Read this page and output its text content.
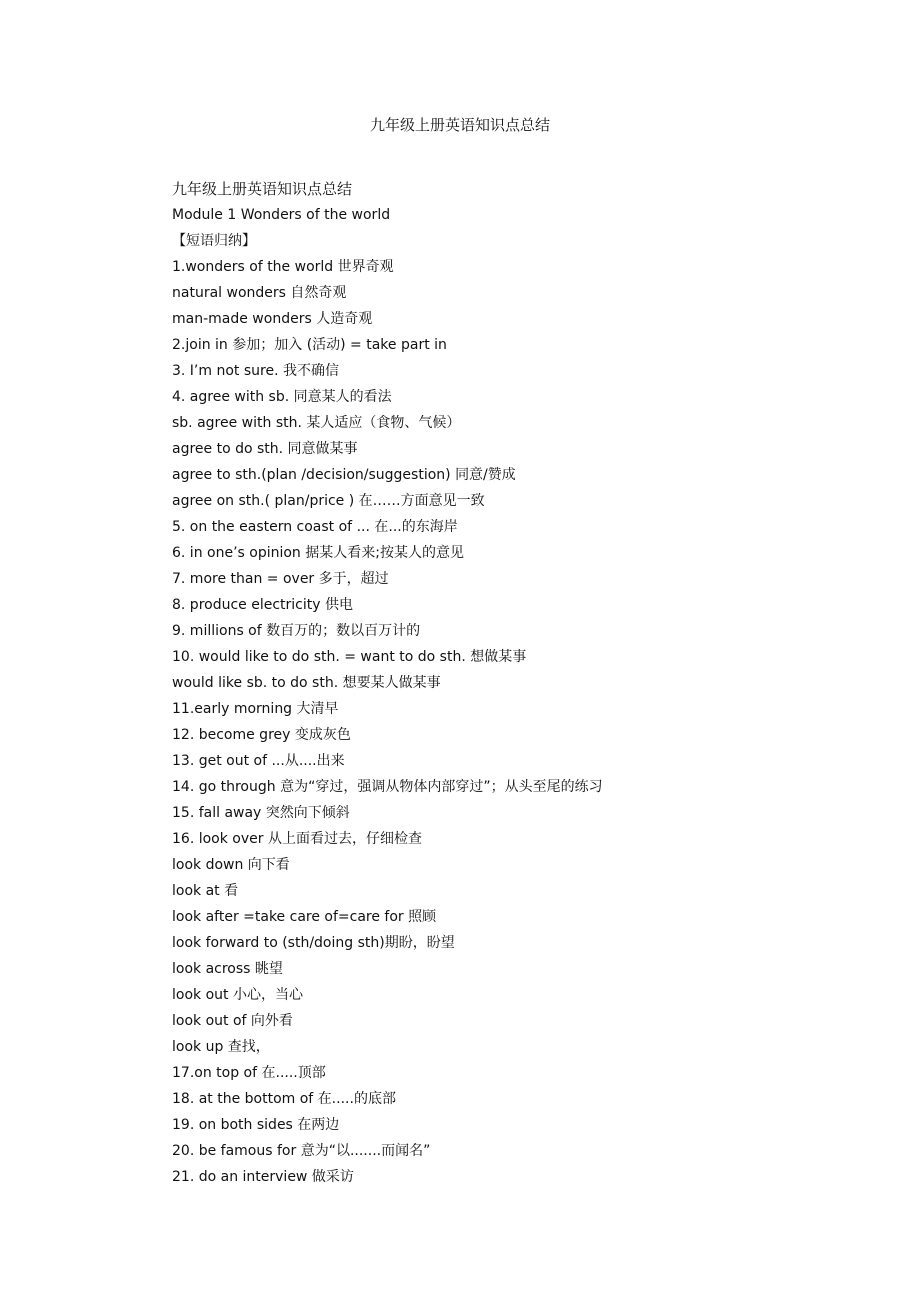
九年级上册英语知识点总结
九年级上册英语知识点总结
Module 1 Wonders of the world
【短语归纳】
1.wonders of the world 世界奇观
natural wonders 自然奇观
man-made wonders 人造奇观
2.join in 参加；加入 (活动) = take part in
3. I’m not sure. 我不确信
4. agree with sb. 同意某人的看法
sb. agree with sth. 某人适应（食物、气候）
agree to do sth. 同意做某事
agree to sth.(plan /decision/suggestion) 同意/赞成
agree on sth.( plan/price ) 在……方面意见一致
5. on the eastern coast of ... 在...的东海岸
6. in one’s opinion 据某人看来;按某人的意见
7. more than = over 多于，超过
8. produce electricity 供电
9. millions of 数百万的；数以百万计的
10. would like to do sth. = want to do sth. 想做某事
would like sb. to do sth. 想要某人做某事
11.early morning 大清早
12. become grey 变成灰色
13. get out of ...从....出来
14. go through 意为“穿过，强调从物体内部穿过”；从头至尾的练习
15. fall away 突然向下倾斜
16. look over 从上面看过去，仔细检查
look down 向下看
look at 看
look after =take care of=care for 照顾
look forward to (sth/doing sth)期盼，盼望
look across 眺望
look out 小心，当心
look out of 向外看
look up 查找，
17.on top of 在.....顶部
18. at the bottom of 在.....的底部
19. on both sides 在两边
20. be famous for 意为“以.......而闻名”
21. do an interview 做采访
